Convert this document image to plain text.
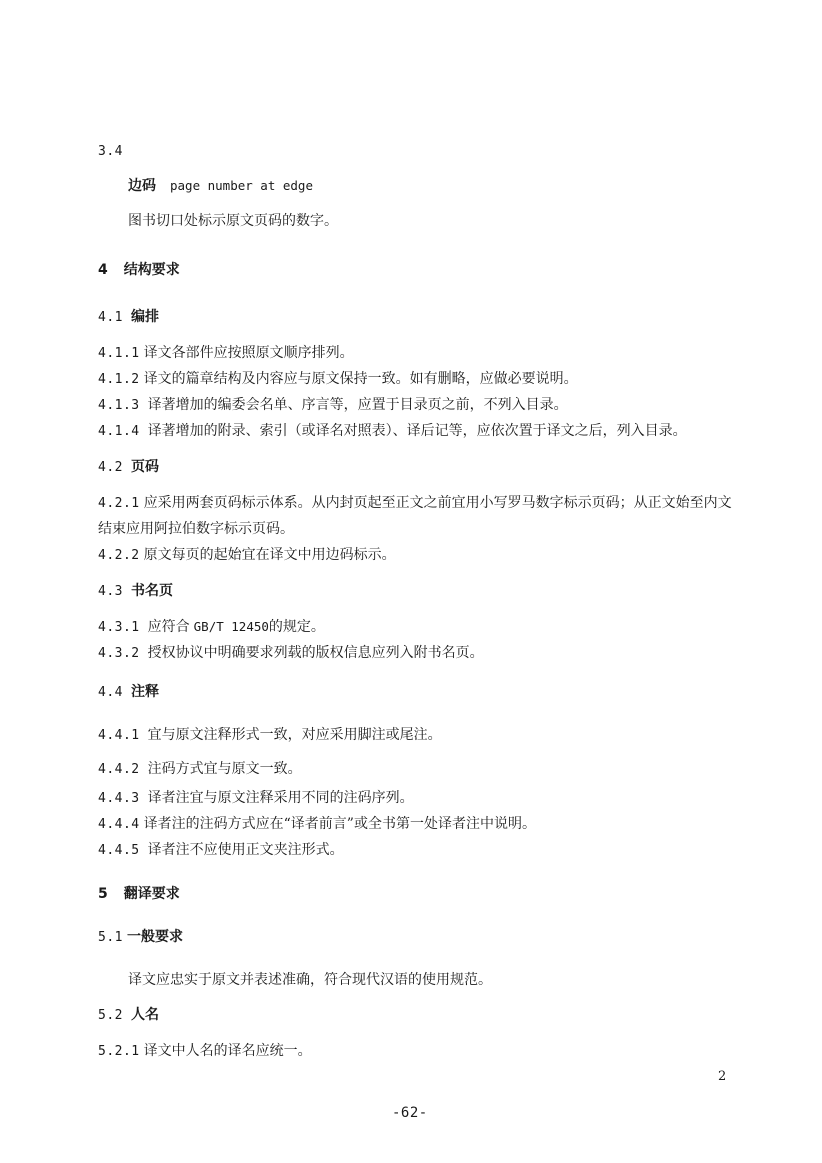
3.4
边码 page number at edge
图书切口处标示原文页码的数字。
4 结构要求
4.1 编排
4.1.1 译文各部件应按照原文顺序排列。
4.1.2 译文的篇章结构及内容应与原文保持一致。如有删略，应做必要说明。
4.1.3 译著增加的编委会名单、序言等，应置于目录页之前，不列入目录。
4.1.4 译著增加的附录、索引（或译名对照表）、译后记等，应依次置于译文之后，列入目录。
4.2 页码
4.2.1 应采用两套页码标示体系。从内封页起至正文之前宜用小写罗马数字标示页码；从正文始至内文
结束应用阿拉伯数字标示页码。
4.2.2 原文每页的起始宜在译文中用边码标示。
4.3 书名页
4.3.1 应符合 GB/T 12450的规定。
4.3.2 授权协议中明确要求列载的版权信息应列入附书名页。
4.4 注释
4.4.1 宜与原文注释形式一致，对应采用脚注或尾注。
4.4.2 注码方式宜与原文一致。
4.4.3 译者注宜与原文注释采用不同的注码序列。
4.4.4 译者注的注码方式应在“译者前言”或全书第一处译者注中说明。
4.4.5 译者注不应使用正文夹注形式。
5 翻译要求
5.1 一般要求
译文应忠实于原文并表述准确，符合现代汉语的使用规范。
5.2 人名
5.2.1 译文中人名的译名应统一。
2
-62-
